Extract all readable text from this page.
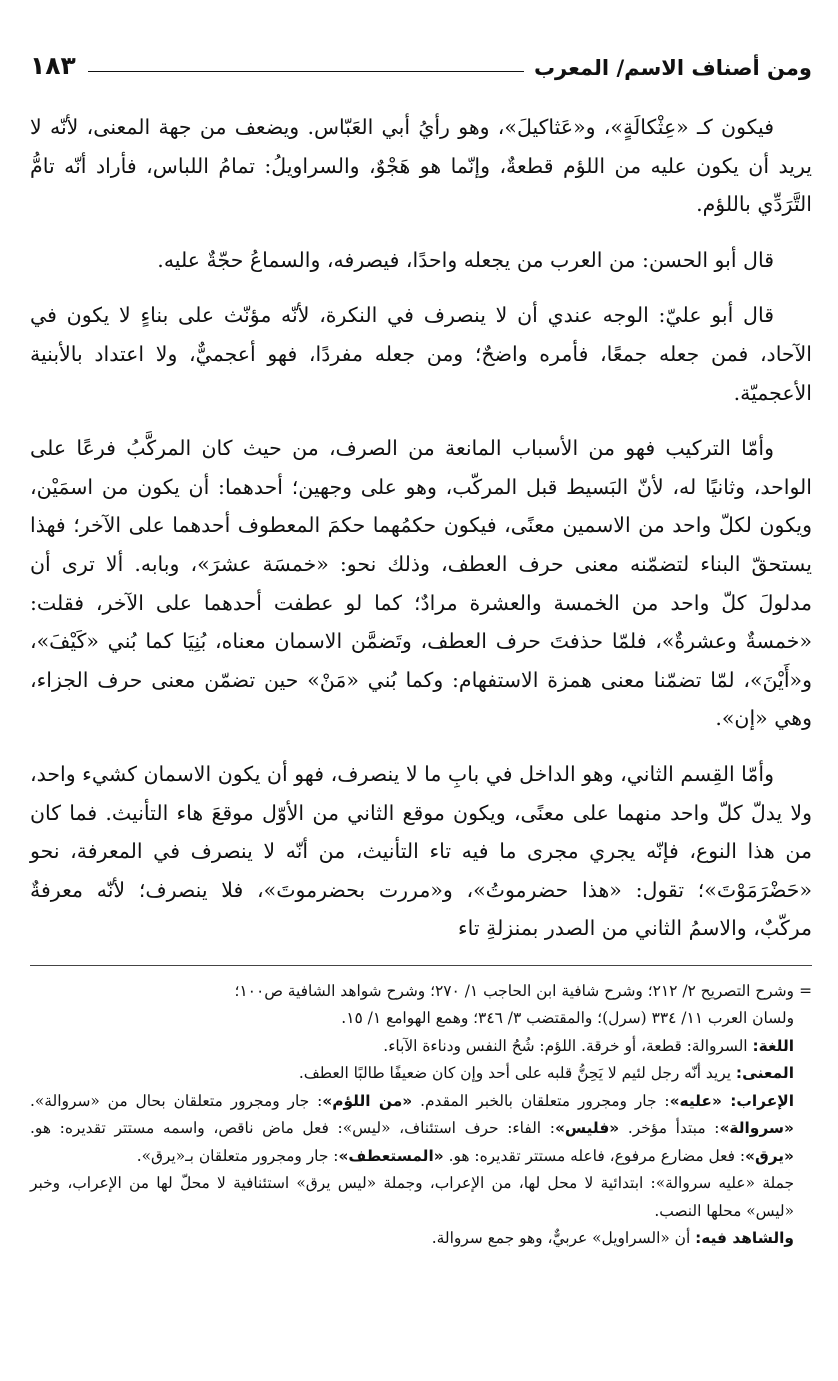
ومن أصناف الاسم/ المعرب
١٨٣

فيكون كـ «عِثْكالَةٍ»، و«عَثاكيلَ»، وهو رأيُ أبي العَبّاس. ويضعف من جهة المعنى، لأنّه لا يريد أن يكون عليه من اللؤم قطعةٌ، وإنّما هو هَجْوٌ، والسراويلُ: تمامُ اللباس، فأراد أنّه تامُّ التَّرَدِّي باللؤم.

قال أبو الحسن: من العرب من يجعله واحدًا، فيصرفه، والسماعُ حجّةٌ عليه.

قال أبو عليّ: الوجه عندي أن لا ينصرف في النكرة، لأنّه مؤنّث على بناءٍ لا يكون في الآحاد، فمن جعله جمعًا، فأمره واضحٌ؛ ومن جعله مفردًا، فهو أعجميٌّ، ولا اعتداد بالأبنية الأعجميّة.

وأمّا التركيب فهو من الأسباب المانعة من الصرف، من حيث كان المركَّبُ فرعًا على الواحد، وثانيًا له، لأنّ البَسيط قبل المركّب، وهو على وجهين؛ أحدهما: أن يكون من اسمَيْن، ويكون لكلّ واحد من الاسمين معنًى، فيكون حكمُهما حكمَ المعطوف أحدهما على الآخر؛ فهذا يستحقّ البناء لتضمّنه معنى حرف العطف، وذلك نحو: «خمسَة عشرَ»، وبابه. ألا ترى أن مدلولَ كلّ واحد من الخمسة والعشرة مرادٌ؛ كما لو عطفت أحدهما على الآخر، فقلت: «خمسةٌ وعشرةٌ»، فلمّا حذفتَ حرف العطف، وتَضمَّن الاسمان معناه، بُنِيَا كما بُني «كَيْفَ»، و«أَيْنَ»، لمّا تضمّنا معنى همزة الاستفهام: وكما بُني «مَنْ» حين تضمّن معنى حرف الجزاء، وهي «إن».

وأمّا القِسم الثاني، وهو الداخل في بابِ ما لا ينصرف، فهو أن يكون الاسمان كشيء واحد، ولا يدلّ كلّ واحد منهما على معنًى، ويكون موقع الثاني من الأوّل موقعَ هاء التأنيث. فما كان من هذا النوع، فإنّه يجري مجرى ما فيه تاء التأنيث، من أنّه لا ينصرف في المعرفة، نحو «حَضْرَمَوْتَ»؛ تقول: «هذا حضرموتُ»، و«مررت بحضرموتَ»، فلا ينصرف؛ لأنّه معرفةٌ مركّبٌ، والاسمُ الثاني من الصدر بمنزلةِ تاء

=

وشرح التصريح ٢/ ٢١٢؛ وشرح شافية ابن الحاجب ١/ ٢٧٠؛ وشرح شواهد الشافية ص١٠٠؛

ولسان العرب ١١/ ٣٣٤ (سرل)؛ والمقتضب ٣/ ٣٤٦؛ وهمع الهوامع ١/ ١٥.

اللغة: السروالة: قطعة، أو خرقة. اللؤم: شُحُ النفس ودناءة الآباء.

المعنى: يريد أنّه رجل لئيم لا يَحِنُّ قلبه على أحد وإن كان ضعيفًا طالبًا العطف.

الإعراب: «عليه»: جار ومجرور متعلقان بالخبر المقدم. «من اللؤم»: جار ومجرور متعلقان بحال من «سروالة». «سروالة»: مبتدأ مؤخر. «فليس»: الفاء: حرف استئناف، «ليس»: فعل ماض ناقص، واسمه مستتر تقديره: هو. «يرق»: فعل مضارع مرفوع، فاعله مستتر تقديره: هو. «المستعطف»: جار ومجرور متعلقان بـ«يرق».

جملة «عليه سروالة»: ابتدائية لا محل لها، من الإعراب، وجملة «ليس يرق» استئنافية لا محلّ لها من الإعراب، وخبر «ليس» محلها النصب.

والشاهد فيه: أن «السراويل» عربيٌّ، وهو جمع سروالة.
